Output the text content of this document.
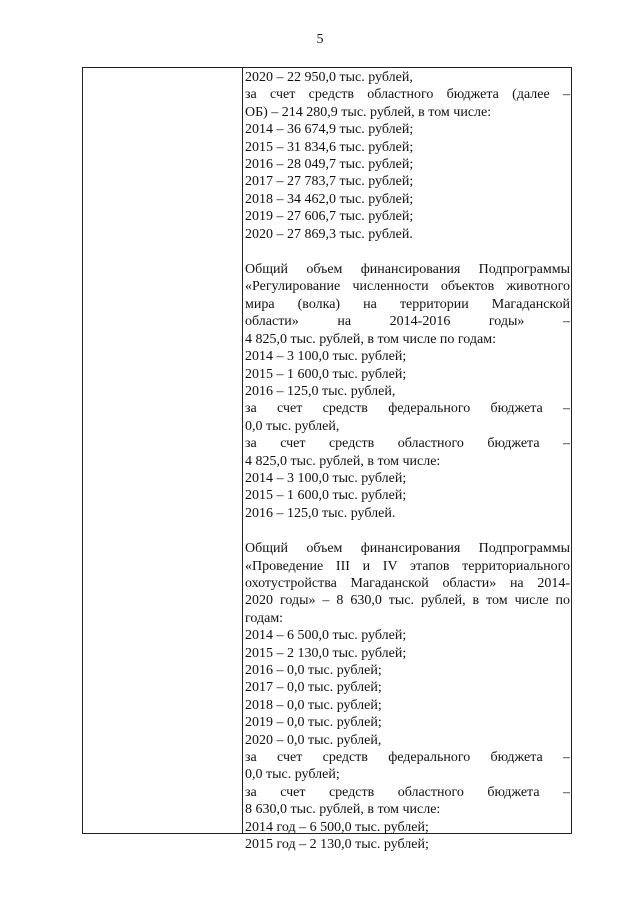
5
2020 – 22 950,0 тыс. рублей,
за счет средств областного бюджета (далее –
ОБ) – 214 280,9 тыс. рублей, в том числе:
2014 – 36 674,9 тыс. рублей;
2015 – 31 834,6 тыс. рублей;
2016 – 28 049,7 тыс. рублей;
2017 – 27 783,7 тыс. рублей;
2018 – 34 462,0 тыс. рублей;
2019 – 27 606,7 тыс. рублей;
2020 – 27 869,3 тыс. рублей.
Общий объем финансирования Подпрограммы
«Регулирование численности объектов животного
мира (волка) на территории Магаданской
области» на 2014-2016 годы» –
4 825,0 тыс. рублей, в том числе по годам:
2014 – 3 100,0 тыс. рублей;
2015 – 1 600,0 тыс. рублей;
2016 – 125,0 тыс. рублей,
за счет средств федерального бюджета –
0,0 тыс. рублей,
за счет средств областного бюджета –
4 825,0 тыс. рублей, в том числе:
2014 – 3 100,0 тыс. рублей;
2015 – 1 600,0 тыс. рублей;
2016 – 125,0 тыс. рублей.
Общий объем финансирования Подпрограммы
«Проведение III и IV этапов территориального
охотустройства Магаданской области» на 2014-
2020 годы» – 8 630,0 тыс. рублей, в том числе по
годам:
2014 – 6 500,0 тыс. рублей;
2015 – 2 130,0 тыс. рублей;
2016 – 0,0 тыс. рублей;
2017 – 0,0 тыс. рублей;
2018 – 0,0 тыс. рублей;
2019 – 0,0 тыс. рублей;
2020 – 0,0 тыс. рублей,
за счет средств федерального бюджета –
0,0 тыс. рублей;
за счет средств областного бюджета –
8 630,0 тыс. рублей, в том числе:
2014 год – 6 500,0 тыс. рублей;
2015 год – 2 130,0 тыс. рублей;
